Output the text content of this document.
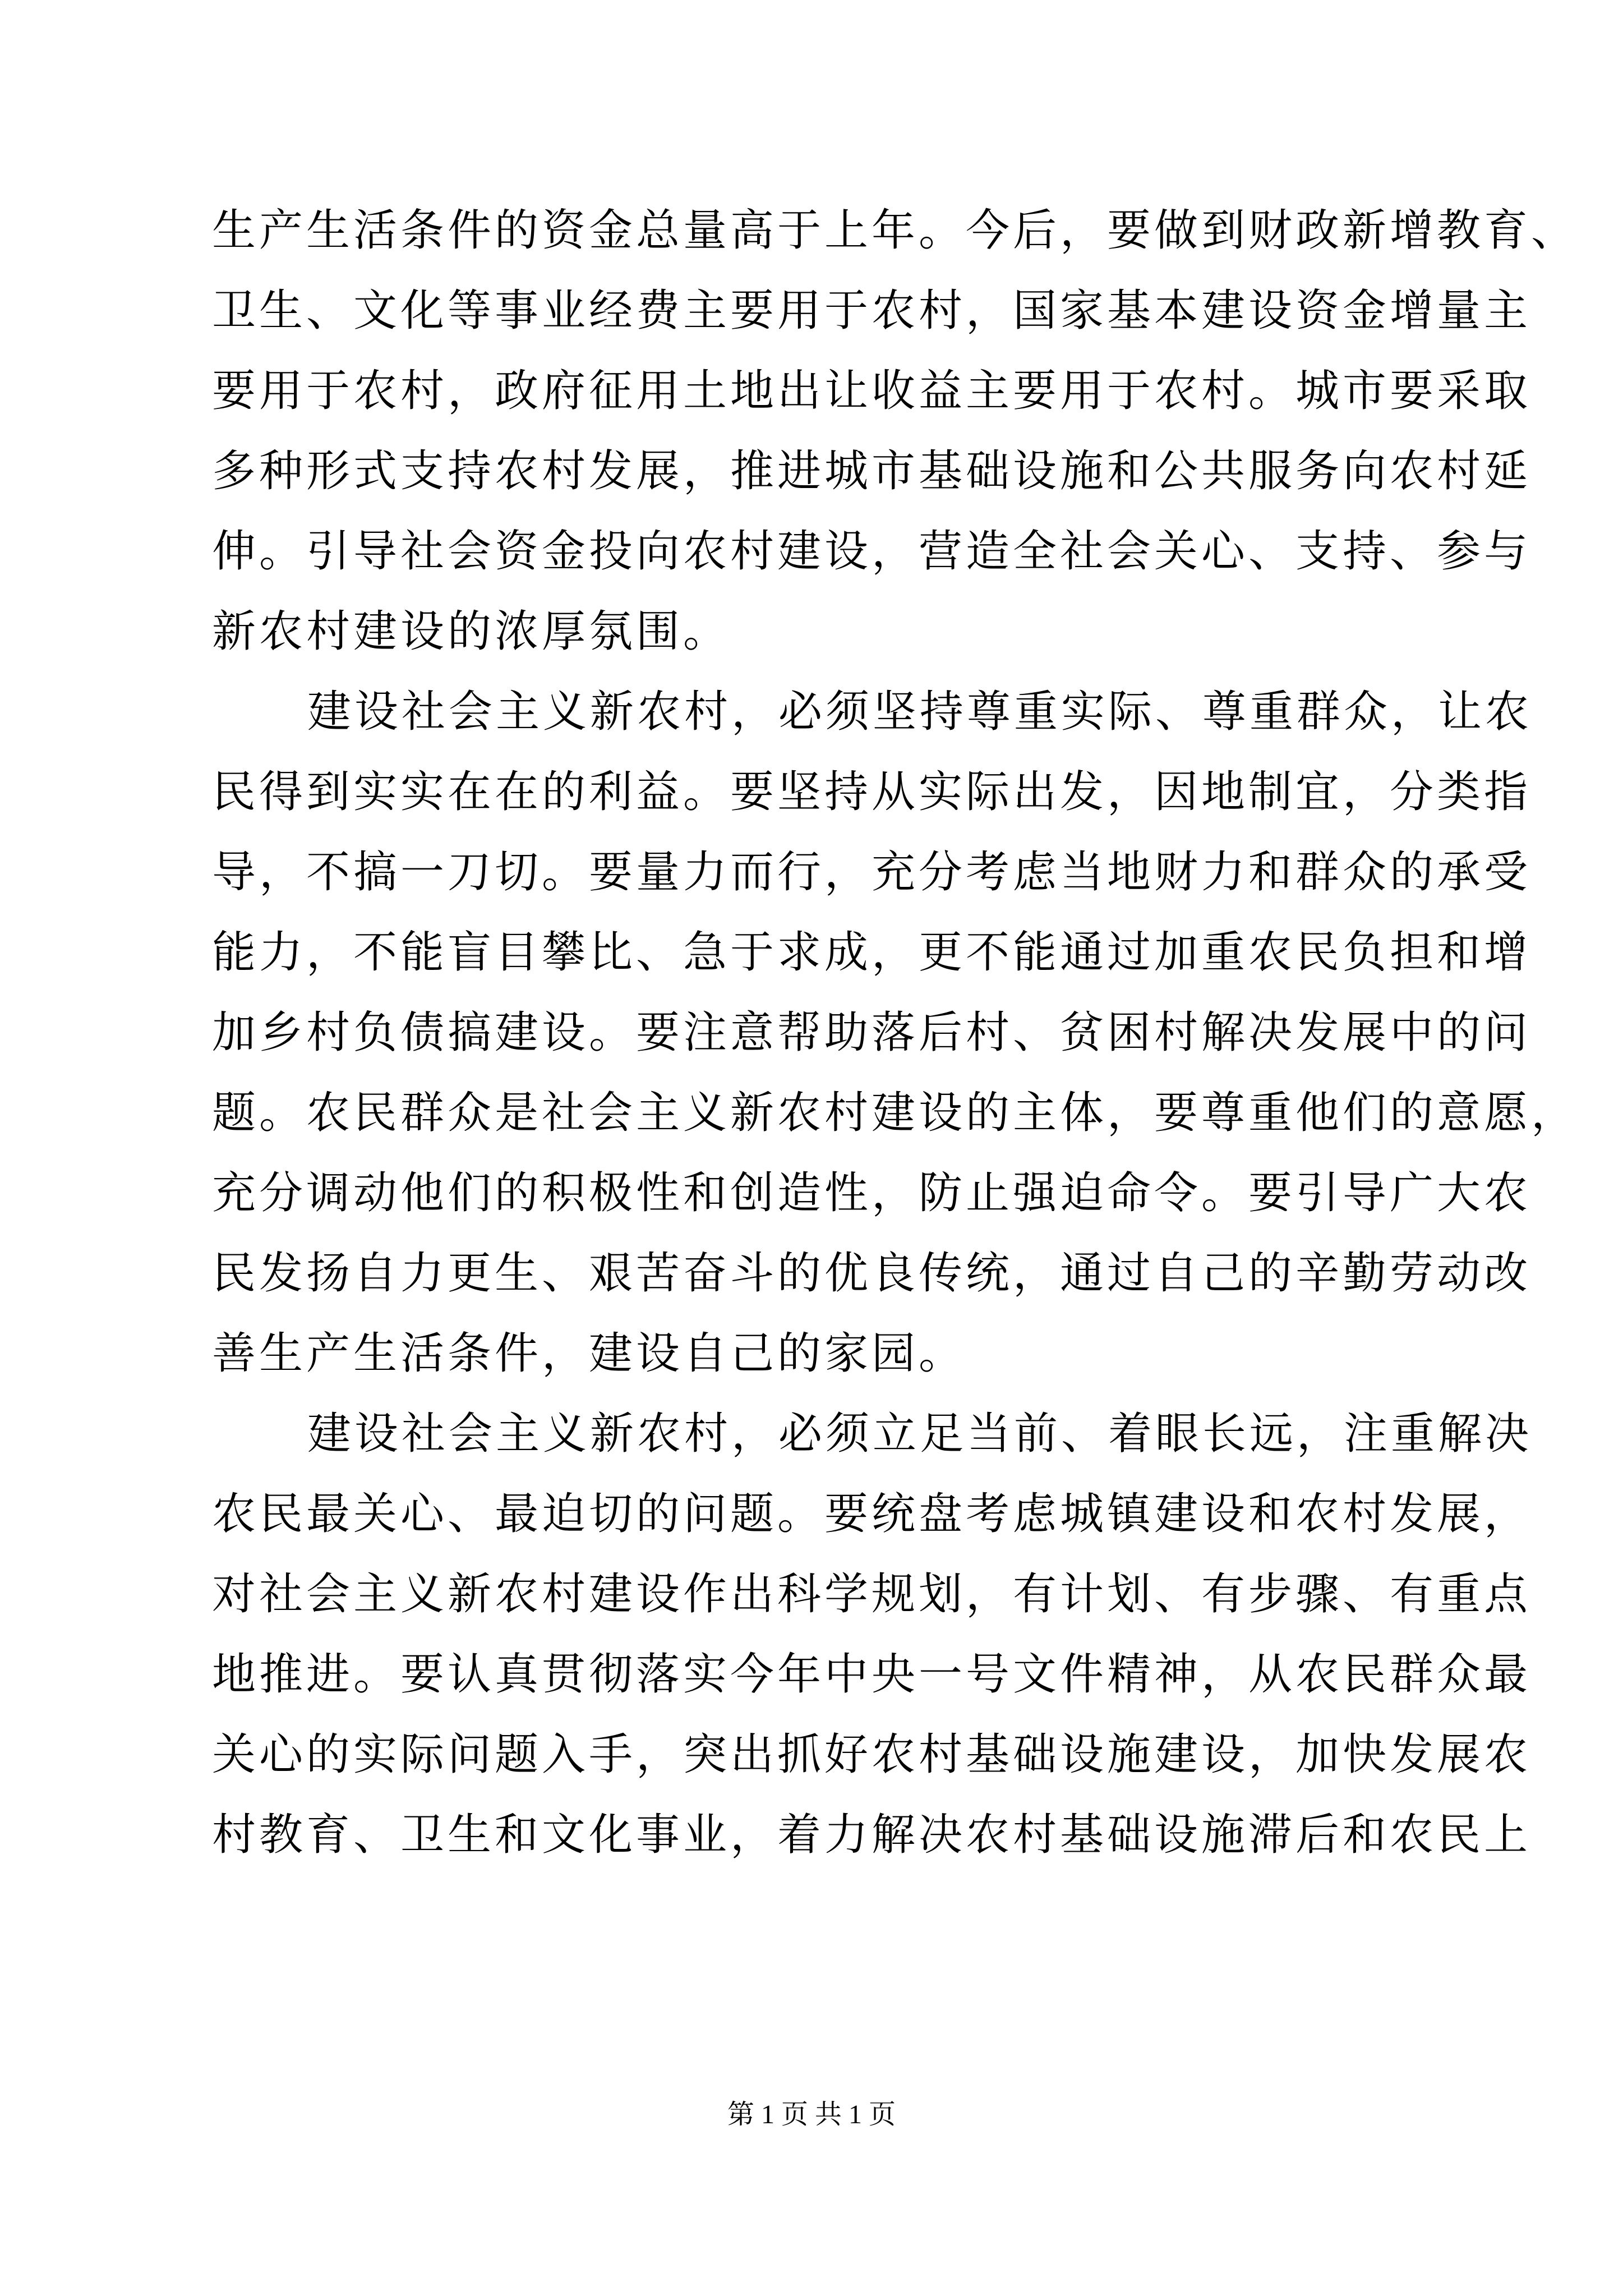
生产生活条件的资金总量高于上年。今后，要做到财政新增教育、
卫生、文化等事业经费主要用于农村，国家基本建设资金增量主
要用于农村，政府征用土地出让收益主要用于农村。城市要采取
多种形式支持农村发展，推进城市基础设施和公共服务向农村延
伸。引导社会资金投向农村建设，营造全社会关心、支持、参与
新农村建设的浓厚氛围。
建设社会主义新农村，必须坚持尊重实际、尊重群众，让农
民得到实实在在的利益。要坚持从实际出发，因地制宜，分类指
导，不搞一刀切。要量力而行，充分考虑当地财力和群众的承受
能力，不能盲目攀比、急于求成，更不能通过加重农民负担和增
加乡村负债搞建设。要注意帮助落后村、贫困村解决发展中的问
题。农民群众是社会主义新农村建设的主体，要尊重他们的意愿，
充分调动他们的积极性和创造性，防止强迫命令。要引导广大农
民发扬自力更生、艰苦奋斗的优良传统，通过自己的辛勤劳动改
善生产生活条件，建设自己的家园。
建设社会主义新农村，必须立足当前、着眼长远，注重解决
农民最关心、最迫切的问题。要统盘考虑城镇建设和农村发展，
对社会主义新农村建设作出科学规划，有计划、有步骤、有重点
地推进。要认真贯彻落实今年中央一号文件精神，从农民群众最
关心的实际问题入手，突出抓好农村基础设施建设，加快发展农
村教育、卫生和文化事业，着力解决农村基础设施滞后和农民上
第 1 页 共 1 页
